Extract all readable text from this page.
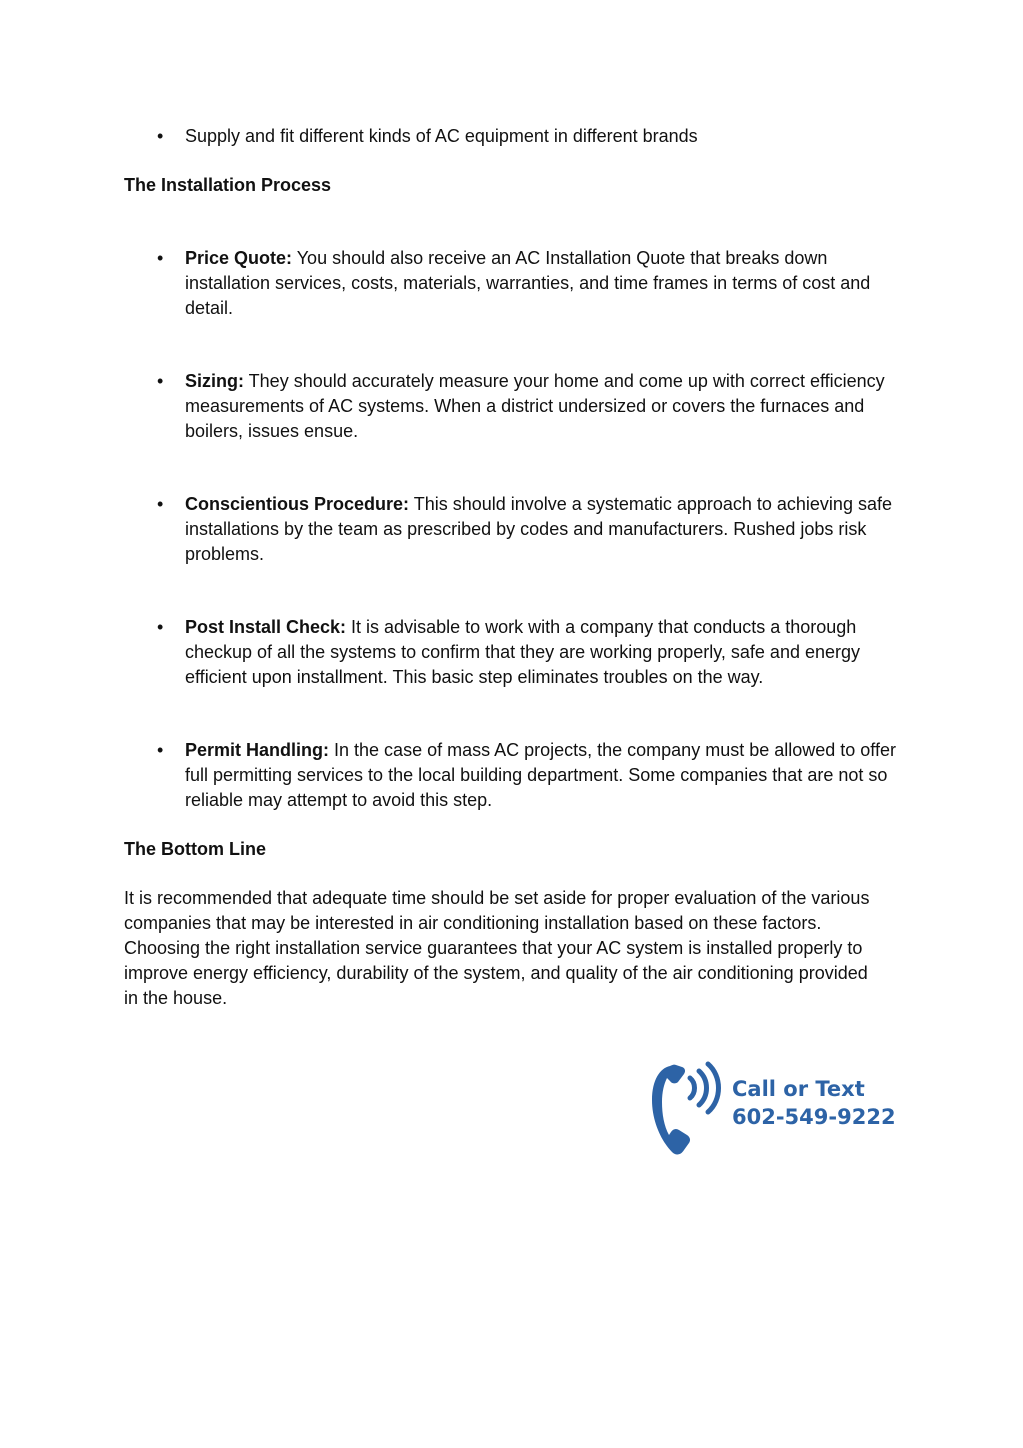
• Supply and fit different kinds of AC equipment in different brands
The Installation Process
• Price Quote: You should also receive an AC Installation Quote that breaks down installation services, costs, materials, warranties, and time frames in terms of cost and detail.
• Sizing: They should accurately measure your home and come up with correct efficiency measurements of AC systems. When a district undersized or covers the furnaces and boilers, issues ensue.
• Conscientious Procedure: This should involve a systematic approach to achieving safe installations by the team as prescribed by codes and manufacturers. Rushed jobs risk problems.
• Post Install Check: It is advisable to work with a company that conducts a thorough checkup of all the systems to confirm that they are working properly, safe and energy efficient upon installment. This basic step eliminates troubles on the way.
• Permit Handling: In the case of mass AC projects, the company must be allowed to offer full permitting services to the local building department. Some companies that are not so reliable may attempt to avoid this step.
The Bottom Line
It is recommended that adequate time should be set aside for proper evaluation of the various companies that may be interested in air conditioning installation based on these factors. Choosing the right installation service guarantees that your AC system is installed properly to improve energy efficiency, durability of the system, and quality of the air conditioning provided in the house.
Call or Text
602-549-9222
